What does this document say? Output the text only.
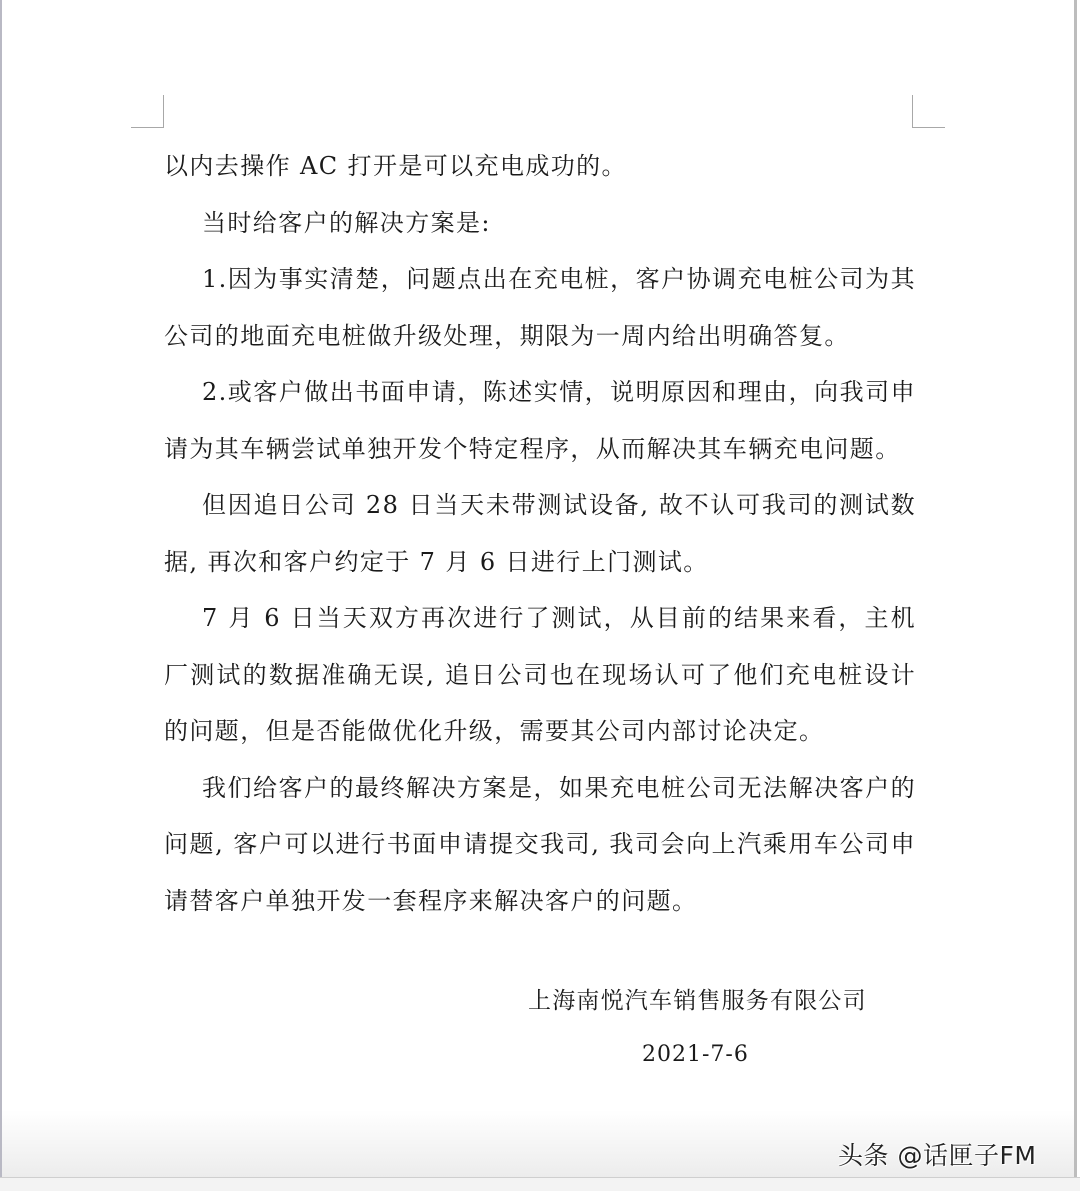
以内去操作 AC 打开是可以充电成功的。

当时给客户的解决方案是:

1.因为事实清楚，问题点出在充电桩，客户协调充电桩公司为其公司的地面充电桩做升级处理，期限为一周内给出明确答复。

2.或客户做出书面申请，陈述实情，说明原因和理由，向我司申请为其车辆尝试单独开发个特定程序，从而解决其车辆充电问题。

但因追日公司 28 日当天未带测试设备, 故不认可我司的测试数据, 再次和客户约定于 7 月 6 日进行上门测试。

7 月 6 日当天双方再次进行了测试，从目前的结果来看，主机厂测试的数据准确无误, 追日公司也在现场认可了他们充电桩设计的问题，但是否能做优化升级，需要其公司内部讨论决定。

我们给客户的最终解决方案是，如果充电桩公司无法解决客户的问题, 客户可以进行书面申请提交我司, 我司会向上汽乘用车公司申请替客户单独开发一套程序来解决客户的问题。

上海南悦汽车销售服务有限公司
2021-7-6
头条 @话匣子FM
